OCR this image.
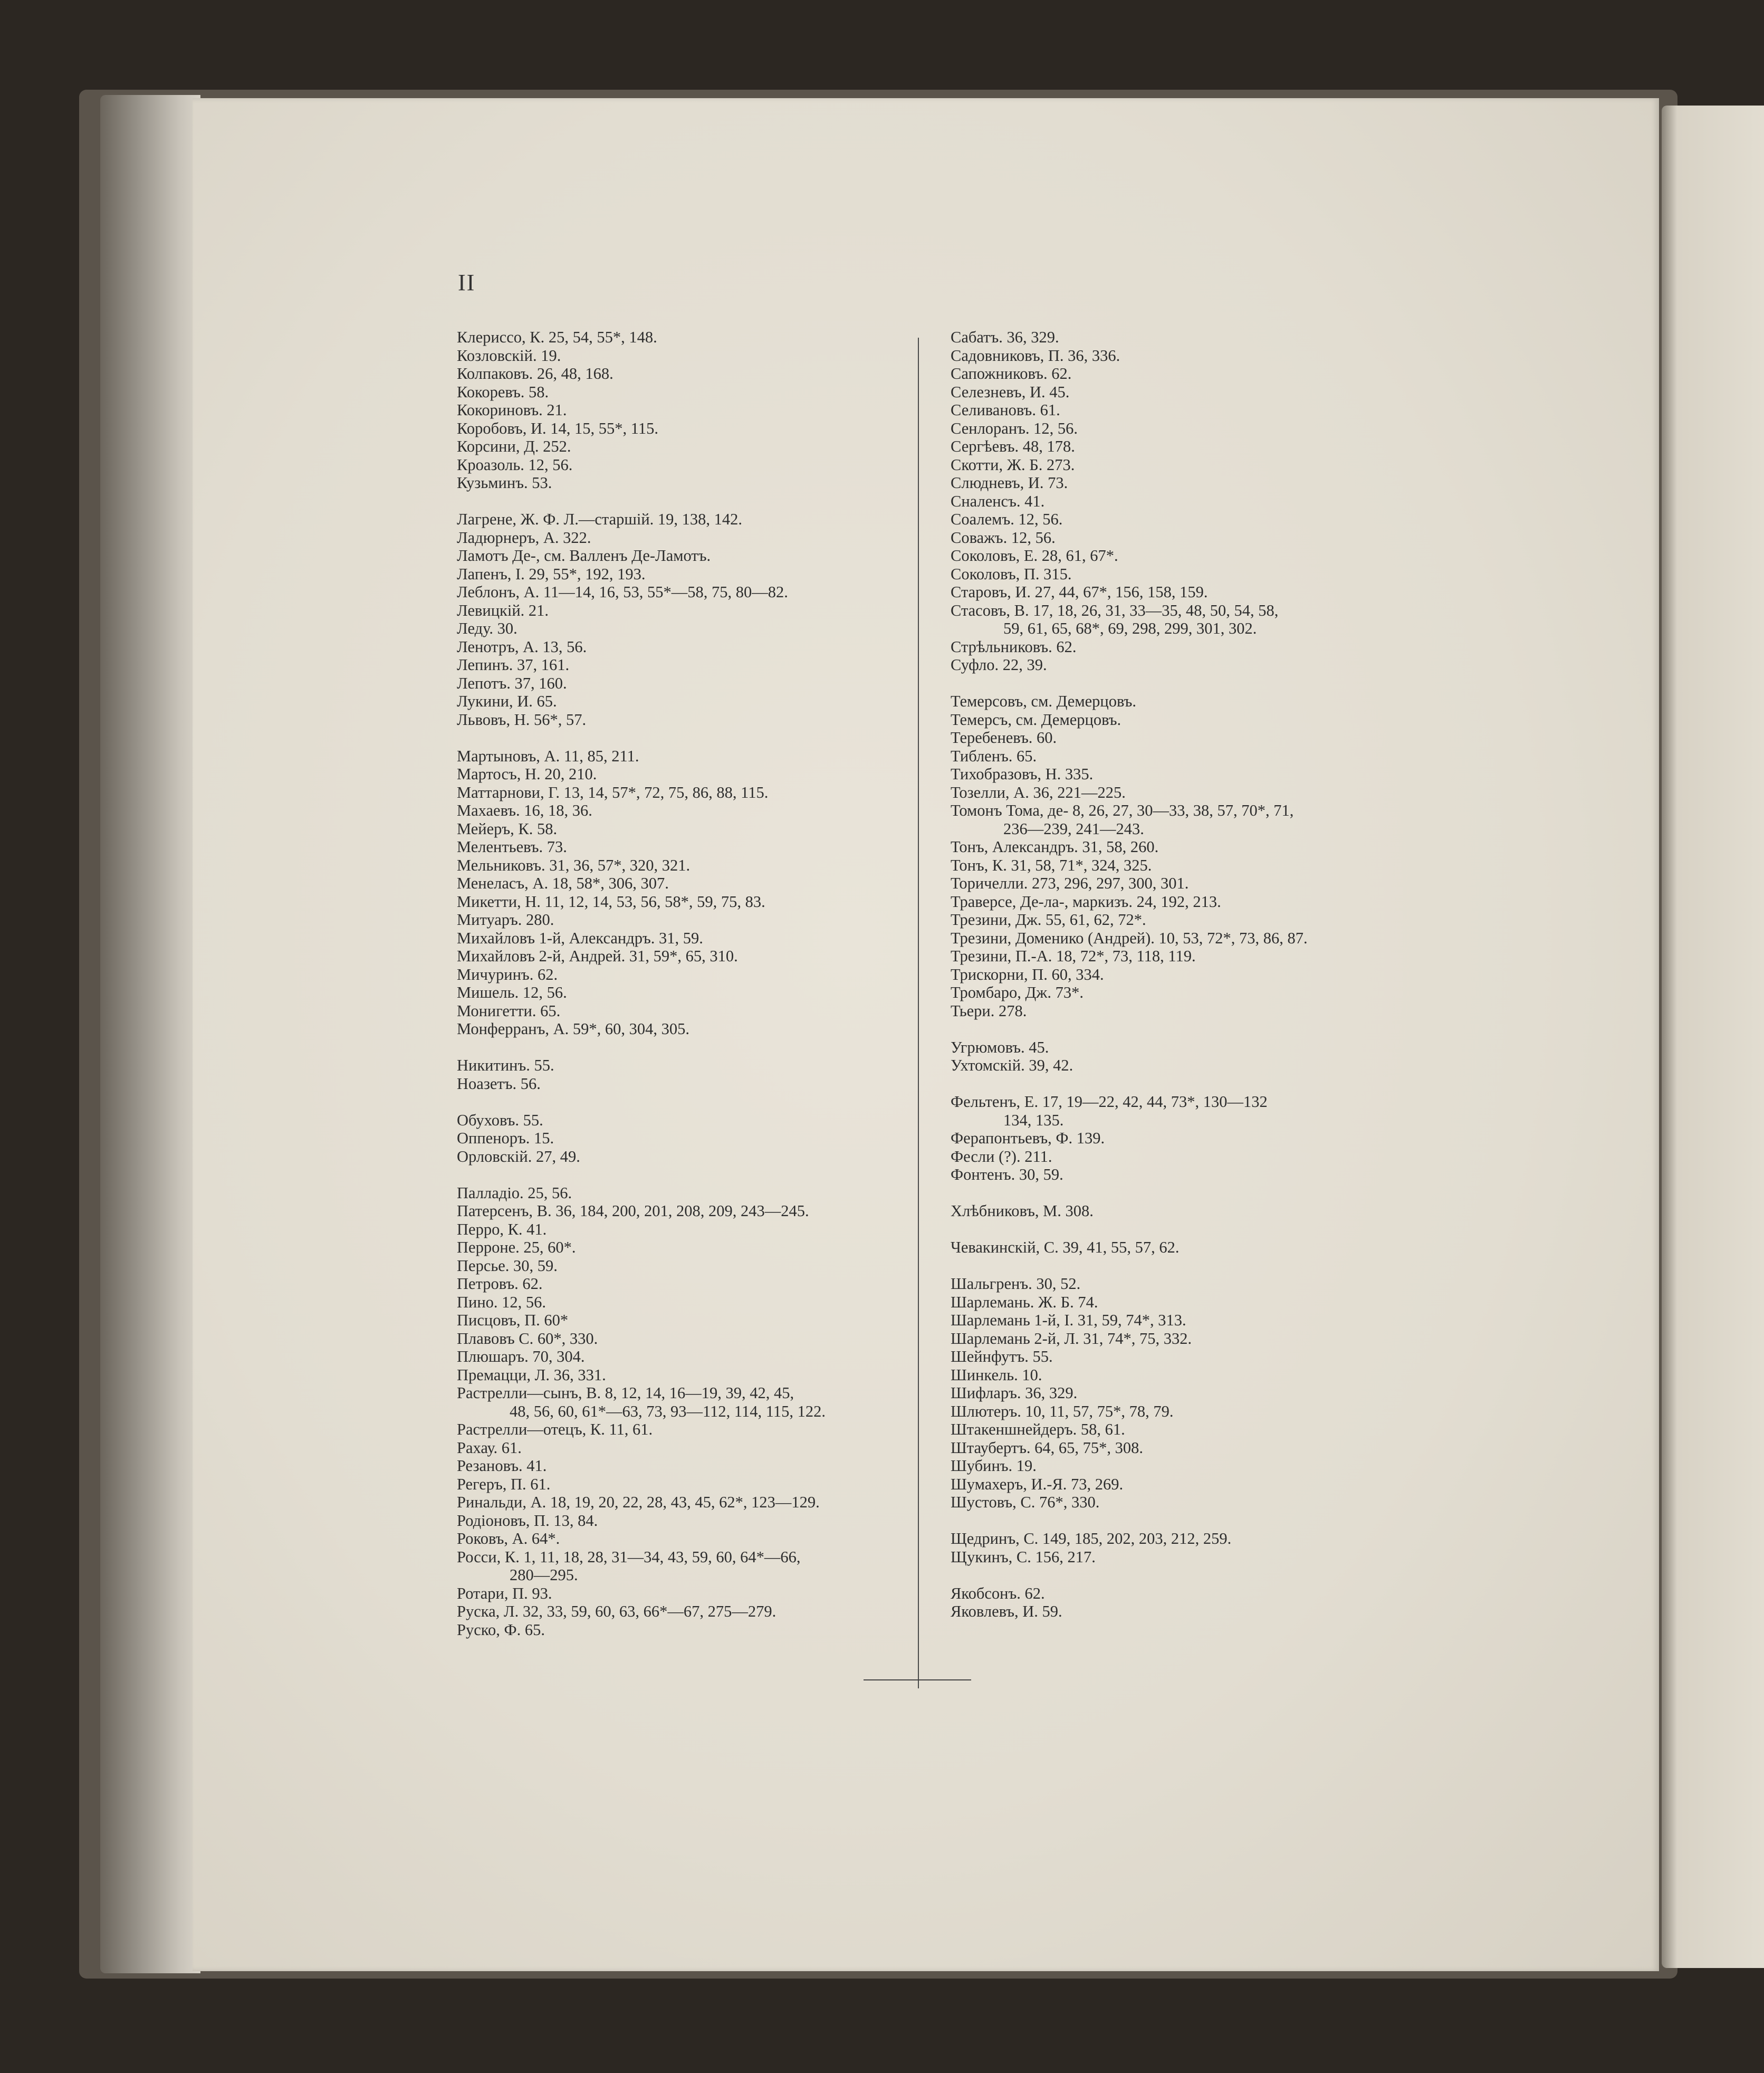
II
Клериссо, К. 25, 54, 55*, 148.
Козловскій. 19.
Колпаковъ. 26, 48, 168.
Кокоревъ. 58.
Кокориновъ. 21.
Коробовъ, И. 14, 15, 55*, 115.
Корсини, Д. 252.
Кроазоль. 12, 56.
Кузьминъ. 53.
Лагрене, Ж. Ф. Л.—старшій. 19, 138, 142.
Ладюрнеръ, А. 322.
Ламотъ Де-, см. Валленъ Де-Ламотъ.
Лапенъ, I. 29, 55*, 192, 193.
Леблонъ, А. 11—14, 16, 53, 55*—58, 75, 80—82.
Левицкій. 21.
Леду. 30.
Ленотръ, А. 13, 56.
Лепинъ. 37, 161.
Лепотъ. 37, 160.
Лукини, И. 65.
Львовъ, Н. 56*, 57.
Мартыновъ, А. 11, 85, 211.
Мартосъ, Н. 20, 210.
Маттарнови, Г. 13, 14, 57*, 72, 75, 86, 88, 115.
Махаевъ. 16, 18, 36.
Мейеръ, К. 58.
Мелентьевъ. 73.
Мельниковъ. 31, 36, 57*, 320, 321.
Менеласъ, А. 18, 58*, 306, 307.
Микетти, Н. 11, 12, 14, 53, 56, 58*, 59, 75, 83.
Митуаръ. 280.
Михайловъ 1-й, Александръ. 31, 59.
Михайловъ 2-й, Андрей. 31, 59*, 65, 310.
Мичуринъ. 62.
Мишель. 12, 56.
Монигетти. 65.
Монферранъ, А. 59*, 60, 304, 305.
Никитинъ. 55.
Ноазетъ. 56.
Обуховъ. 55.
Оппеноръ. 15.
Орловскій. 27, 49.
Палладіо. 25, 56.
Патерсенъ, В. 36, 184, 200, 201, 208, 209, 243—245.
Перро, К. 41.
Перроне. 25, 60*.
Персье. 30, 59.
Петровъ. 62.
Пино. 12, 56.
Писцовъ, П. 60*
Плавовъ С. 60*, 330.
Плюшаръ. 70, 304.
Премацци, Л. 36, 331.
Растрелли—сынъ, В. 8, 12, 14, 16—19, 39, 42, 45,
48, 56, 60, 61*—63, 73, 93—112, 114, 115, 122.
Растрелли—отецъ, К. 11, 61.
Рахау. 61.
Резановъ. 41.
Регеръ, П. 61.
Ринальди, А. 18, 19, 20, 22, 28, 43, 45, 62*, 123—129.
Родіоновъ, П. 13, 84.
Роковъ, А. 64*.
Росси, К. 1, 11, 18, 28, 31—34, 43, 59, 60, 64*—66,
280—295.
Ротари, П. 93.
Руска, Л. 32, 33, 59, 60, 63, 66*—67, 275—279.
Руско, Ф. 65.
Сабатъ. 36, 329.
Садовниковъ, П. 36, 336.
Сапожниковъ. 62.
Селезневъ, И. 45.
Селивановъ. 61.
Сенлоранъ. 12, 56.
Сергѣевъ. 48, 178.
Скотти, Ж. Б. 273.
Слюдневъ, И. 73.
Сналенсъ. 41.
Соалемъ. 12, 56.
Соважъ. 12, 56.
Соколовъ, Е. 28, 61, 67*.
Соколовъ, П. 315.
Старовъ, И. 27, 44, 67*, 156, 158, 159.
Стасовъ, В. 17, 18, 26, 31, 33—35, 48, 50, 54, 58,
59, 61, 65, 68*, 69, 298, 299, 301, 302.
Стрѣльниковъ. 62.
Суфло. 22, 39.
Темерсовъ, см. Демерцовъ.
Темерсъ, см. Демерцовъ.
Теребеневъ. 60.
Тибленъ. 65.
Тихобразовъ, Н. 335.
Тозелли, А. 36, 221—225.
Томонъ Тома, де- 8, 26, 27, 30—33, 38, 57, 70*, 71,
236—239, 241—243.
Тонъ, Александръ. 31, 58, 260.
Тонъ, К. 31, 58, 71*, 324, 325.
Торичелли. 273, 296, 297, 300, 301.
Траверсе, Де-ла-, маркизъ. 24, 192, 213.
Трезини, Дж. 55, 61, 62, 72*.
Трезини, Доменико (Андрей). 10, 53, 72*, 73, 86, 87.
Трезини, П.-А. 18, 72*, 73, 118, 119.
Трискорни, П. 60, 334.
Тромбаро, Дж. 73*.
Тьери. 278.
Угрюмовъ. 45.
Ухтомскій. 39, 42.
Фельтенъ, Е. 17, 19—22, 42, 44, 73*, 130—132
134, 135.
Ферапонтьевъ, Ф. 139.
Фесли (?). 211.
Фонтенъ. 30, 59.
Хлѣбниковъ, М. 308.
Чевакинскій, С. 39, 41, 55, 57, 62.
Шальгренъ. 30, 52.
Шарлемань. Ж. Б. 74.
Шарлемань 1-й, I. 31, 59, 74*, 313.
Шарлемань 2-й, Л. 31, 74*, 75, 332.
Шейнфутъ. 55.
Шинкель. 10.
Шифларъ. 36, 329.
Шлютеръ. 10, 11, 57, 75*, 78, 79.
Штакеншнейдеръ. 58, 61.
Штаубертъ. 64, 65, 75*, 308.
Шубинъ. 19.
Шумахеръ, И.-Я. 73, 269.
Шустовъ, С. 76*, 330.
Щедринъ, С. 149, 185, 202, 203, 212, 259.
Щукинъ, С. 156, 217.
Якобсонъ. 62.
Яковлевъ, И. 59.
